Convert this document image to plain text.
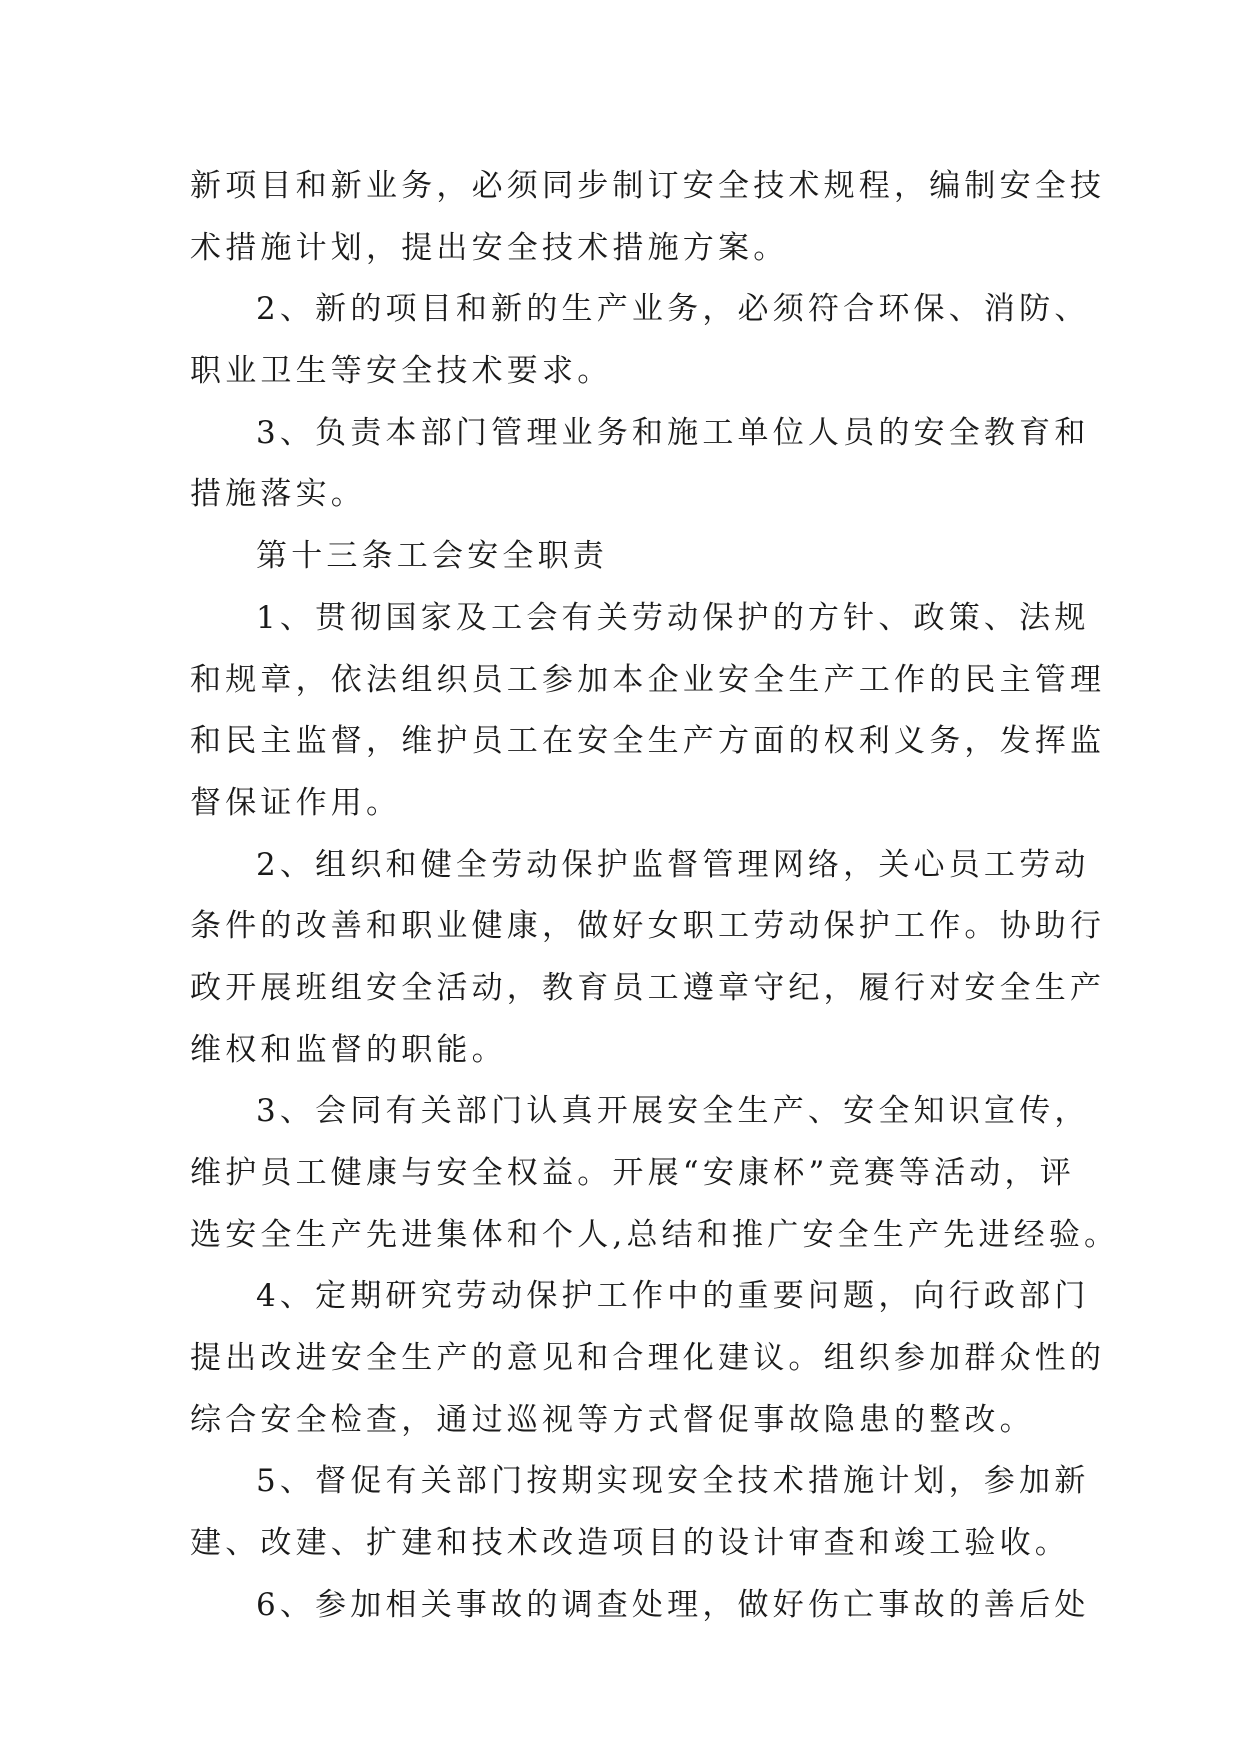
新项目和新业务，必须同步制订安全技术规程，编制安全技
术措施计划，提出安全技术措施方案。
2、新的项目和新的生产业务，必须符合环保、消防、
职业卫生等安全技术要求。
3、负责本部门管理业务和施工单位人员的安全教育和
措施落实。
第十三条工会安全职责
1、贯彻国家及工会有关劳动保护的方针、政策、法规
和规章，依法组织员工参加本企业安全生产工作的民主管理
和民主监督，维护员工在安全生产方面的权利义务，发挥监
督保证作用。
2、组织和健全劳动保护监督管理网络，关心员工劳动
条件的改善和职业健康，做好女职工劳动保护工作。协助行
政开展班组安全活动，教育员工遵章守纪，履行对安全生产
维权和监督的职能。
3、会同有关部门认真开展安全生产、安全知识宣传，
维护员工健康与安全权益。开展“安康杯”竞赛等活动，评
选安全生产先进集体和个人,总结和推广安全生产先进经验。
4、定期研究劳动保护工作中的重要问题，向行政部门
提出改进安全生产的意见和合理化建议。组织参加群众性的
综合安全检查，通过巡视等方式督促事故隐患的整改。
5、督促有关部门按期实现安全技术措施计划，参加新
建、改建、扩建和技术改造项目的设计审查和竣工验收。
6、参加相关事故的调查处理，做好伤亡事故的善后处
